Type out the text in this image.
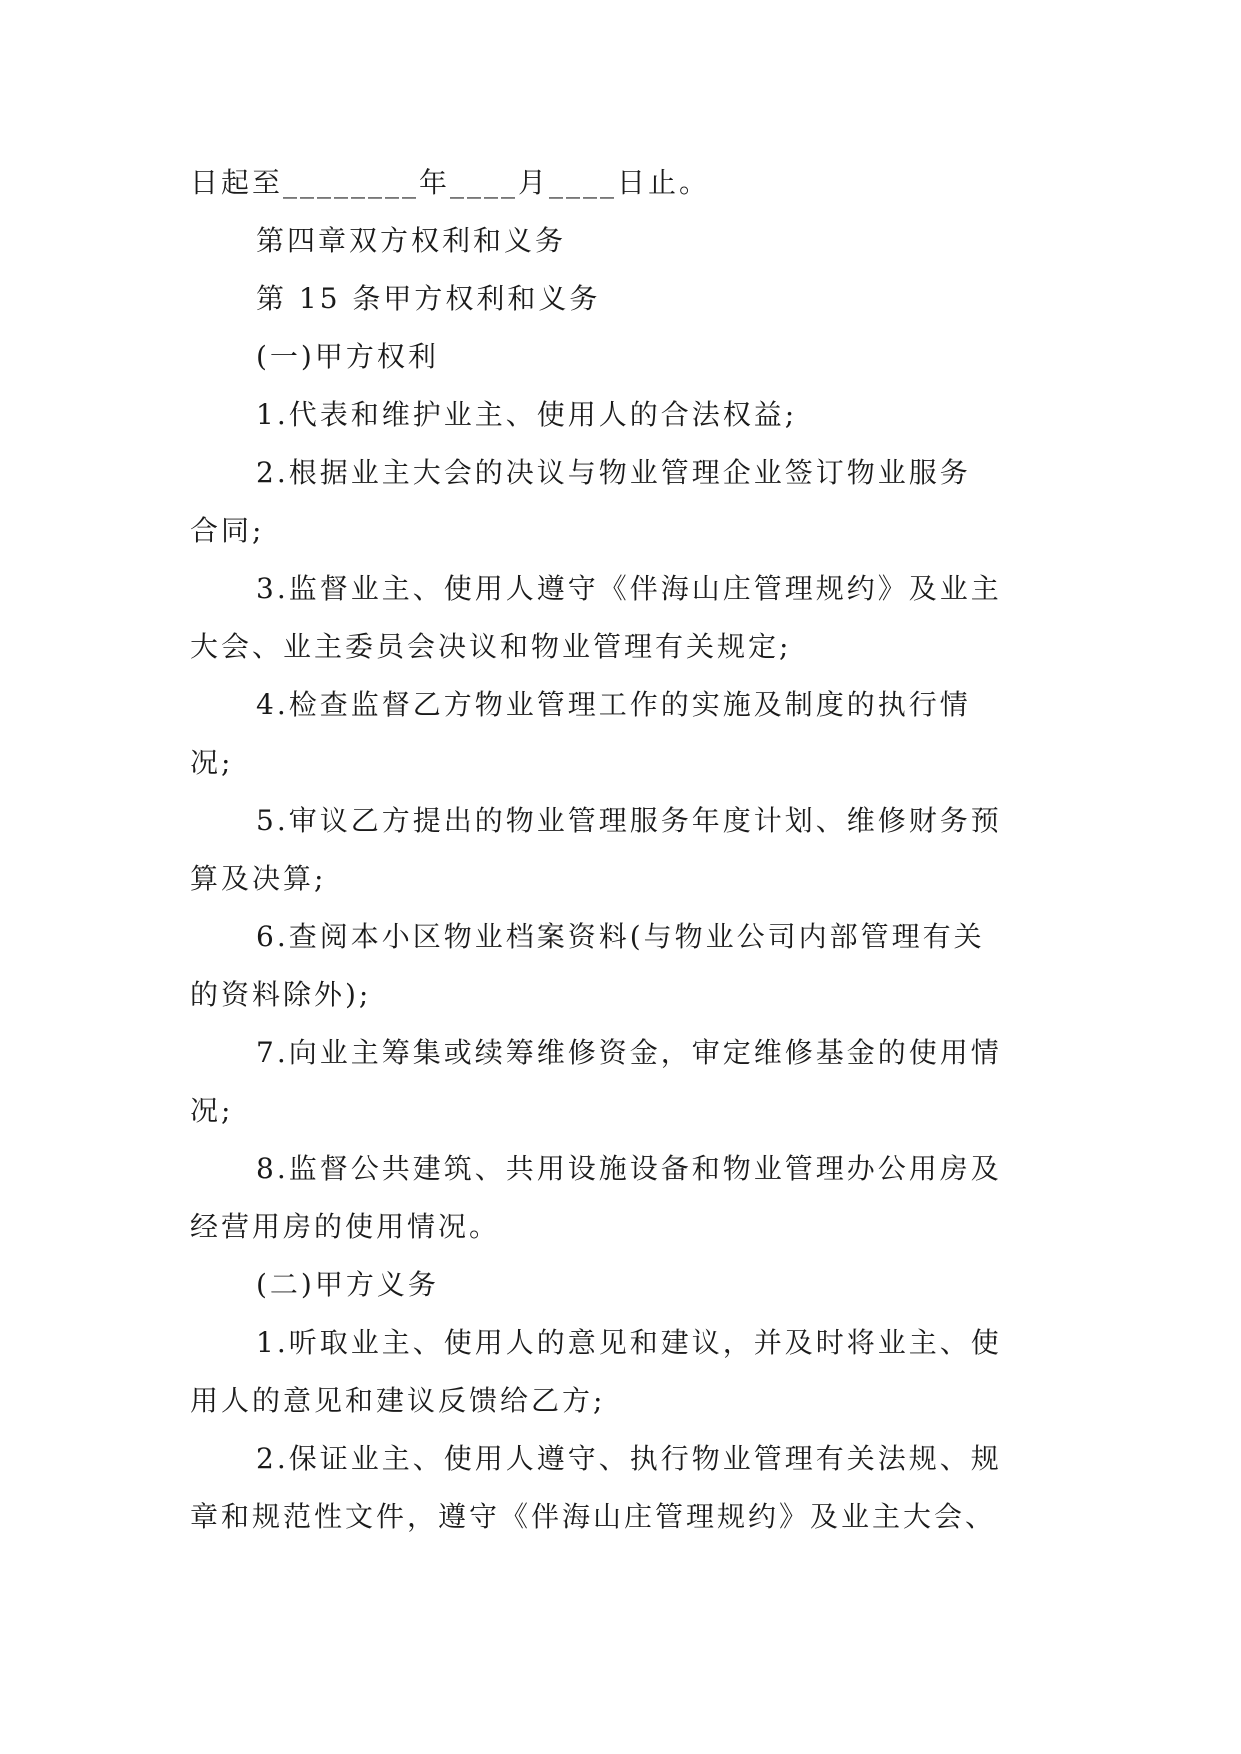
日起至________年____月____日止。
第四章双方权利和义务
第 15 条甲方权利和义务
(一)甲方权利
1.代表和维护业主、使用人的合法权益;
2.根据业主大会的决议与物业管理企业签订物业服务
合同;
3.监督业主、使用人遵守《伴海山庄管理规约》及业主
大会、业主委员会决议和物业管理有关规定;
4.检查监督乙方物业管理工作的实施及制度的执行情
况;
5.审议乙方提出的物业管理服务年度计划、维修财务预
算及决算;
6.查阅本小区物业档案资料(与物业公司内部管理有关
的资料除外);
7.向业主筹集或续筹维修资金，审定维修基金的使用情
况;
8.监督公共建筑、共用设施设备和物业管理办公用房及
经营用房的使用情况。
(二)甲方义务
1.听取业主、使用人的意见和建议，并及时将业主、使
用人的意见和建议反馈给乙方;
2.保证业主、使用人遵守、执行物业管理有关法规、规
章和规范性文件，遵守《伴海山庄管理规约》及业主大会、
